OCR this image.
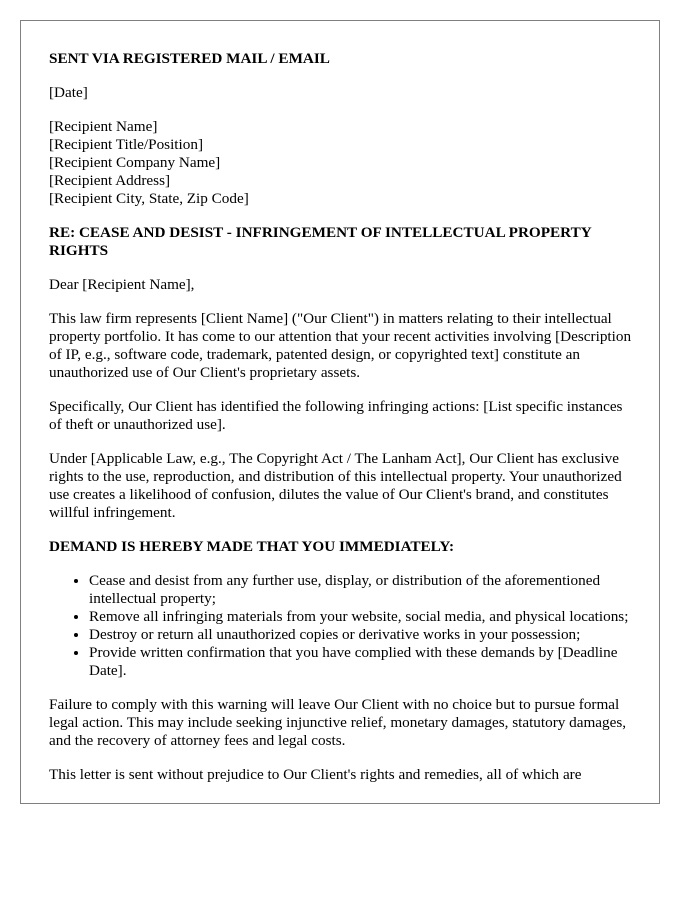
SENT VIA REGISTERED MAIL / EMAIL

[Date]

[Recipient Name]
[Recipient Title/Position]
[Recipient Company Name]
[Recipient Address]
[Recipient City, State, Zip Code]

RE: CEASE AND DESIST - INFRINGEMENT OF INTELLECTUAL PROPERTY RIGHTS

Dear [Recipient Name],

This law firm represents [Client Name] ("Our Client") in matters relating to their intellectual property portfolio. It has come to our attention that your recent activities involving [Description of IP, e.g., software code, trademark, patented design, or copyrighted text] constitute an unauthorized use of Our Client's proprietary assets.

Specifically, Our Client has identified the following infringing actions: [List specific instances of theft or unauthorized use].

Under [Applicable Law, e.g., The Copyright Act / The Lanham Act], Our Client has exclusive rights to the use, reproduction, and distribution of this intellectual property. Your unauthorized use creates a likelihood of confusion, dilutes the value of Our Client's brand, and constitutes willful infringement.

DEMAND IS HEREBY MADE THAT YOU IMMEDIATELY:

• Cease and desist from any further use, display, or distribution of the aforementioned intellectual property;
• Remove all infringing materials from your website, social media, and physical locations;
• Destroy or return all unauthorized copies or derivative works in your possession;
• Provide written confirmation that you have complied with these demands by [Deadline Date].

Failure to comply with this warning will leave Our Client with no choice but to pursue formal legal action. This may include seeking injunctive relief, monetary damages, statutory damages, and the recovery of attorney fees and legal costs.

This letter is sent without prejudice to Our Client's rights and remedies, all of which are
